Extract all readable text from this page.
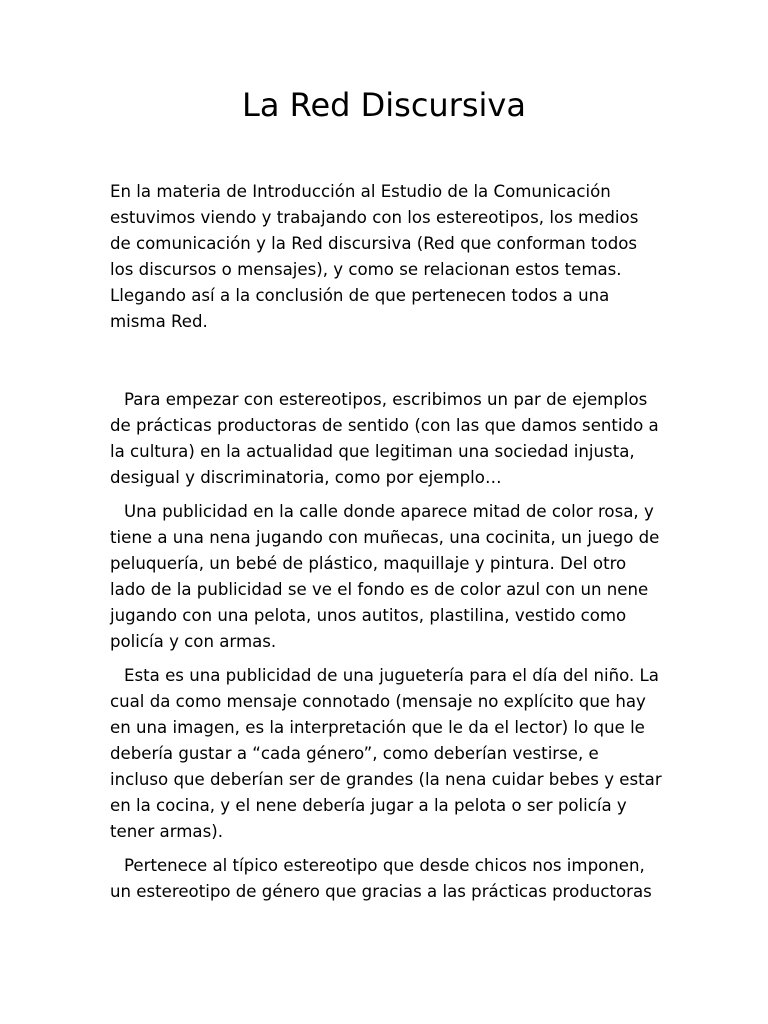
La Red Discursiva
En la materia de Introducción al Estudio de la Comunicación
estuvimos viendo y trabajando con los estereotipos, los medios
de comunicación y la Red discursiva (Red que conforman todos
los discursos o mensajes), y como se relacionan estos temas.
Llegando así a la conclusión de que pertenecen todos a una
misma Red.
Para empezar con estereotipos, escribimos un par de ejemplos
de prácticas productoras de sentido (con las que damos sentido a
la cultura) en la actualidad que legitiman una sociedad injusta,
desigual y discriminatoria, como por ejemplo…
Una publicidad en la calle donde aparece mitad de color rosa, y
tiene a una nena jugando con muñecas, una cocinita, un juego de
peluquería, un bebé de plástico, maquillaje y pintura. Del otro
lado de la publicidad se ve el fondo es de color azul con un nene
jugando con una pelota, unos autitos, plastilina, vestido como
policía y con armas.
Esta es una publicidad de una juguetería para el día del niño. La
cual da como mensaje connotado (mensaje no explícito que hay
en una imagen, es la interpretación que le da el lector) lo que le
debería gustar a “cada género”, como deberían vestirse, e
incluso que deberían ser de grandes (la nena cuidar bebes y estar
en la cocina, y el nene debería jugar a la pelota o ser policía y
tener armas).
Pertenece al típico estereotipo que desde chicos nos imponen,
un estereotipo de género que gracias a las prácticas productoras
